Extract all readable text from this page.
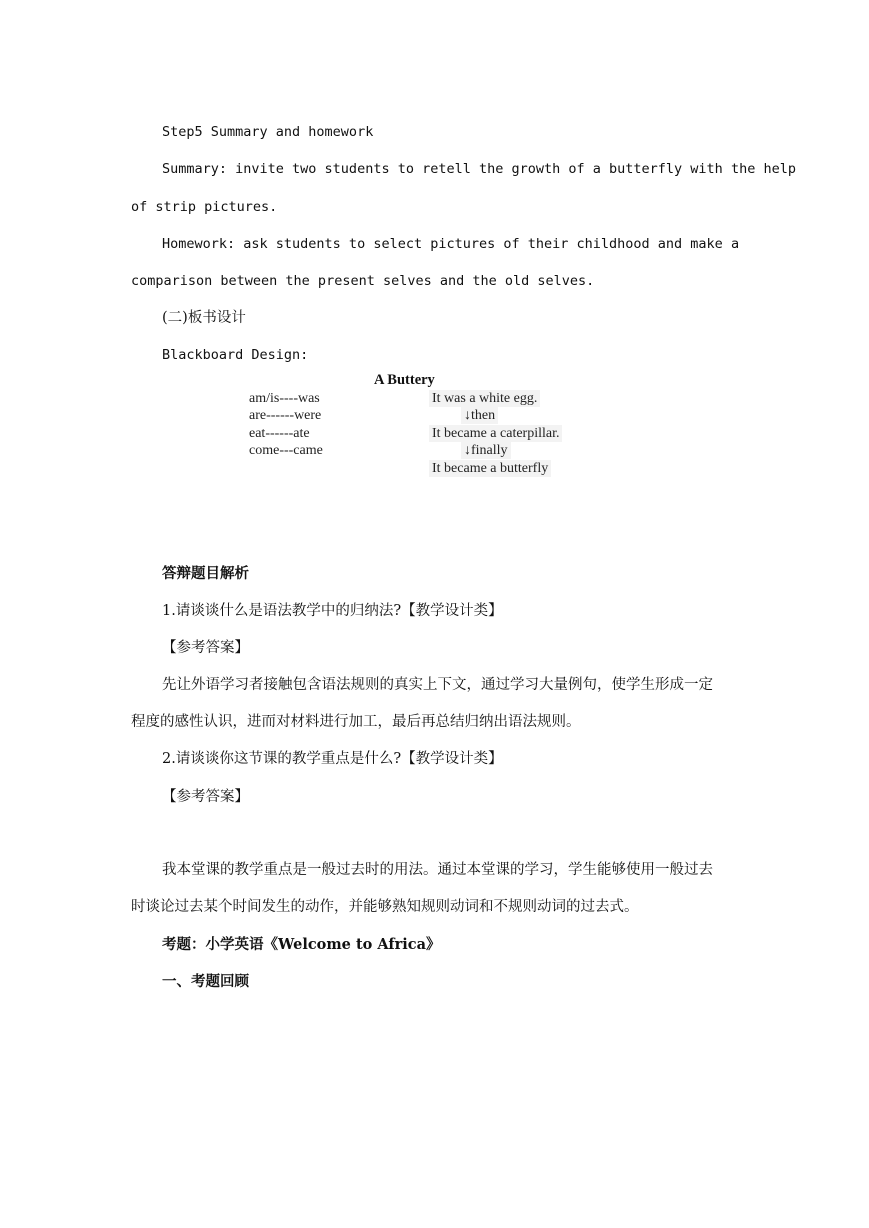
Step5 Summary and homework
Summary: invite two students to retell the growth of a butterfly with the help
of strip pictures.
Homework: ask students to select pictures of their childhood and make a
comparison between the present selves and the old selves.
(二)板书设计
Blackboard Design:
A Buttery
am/is----was
are------were
eat------ate
come---came
It was a white egg.
↓then
It became a caterpillar.
↓finally
It became a butterfly
答辩题目解析
1.请谈谈什么是语法教学中的归纳法?【教学设计类】
【参考答案】
先让外语学习者接触包含语法规则的真实上下文，通过学习大量例句，使学生形成一定
程度的感性认识，进而对材料进行加工，最后再总结归纳出语法规则。
2.请谈谈你这节课的教学重点是什么?【教学设计类】
【参考答案】
我本堂课的教学重点是一般过去时的用法。通过本堂课的学习，学生能够使用一般过去
时谈论过去某个时间发生的动作，并能够熟知规则动词和不规则动词的过去式。
考题：小学英语《Welcome to Africa》
一、考题回顾
